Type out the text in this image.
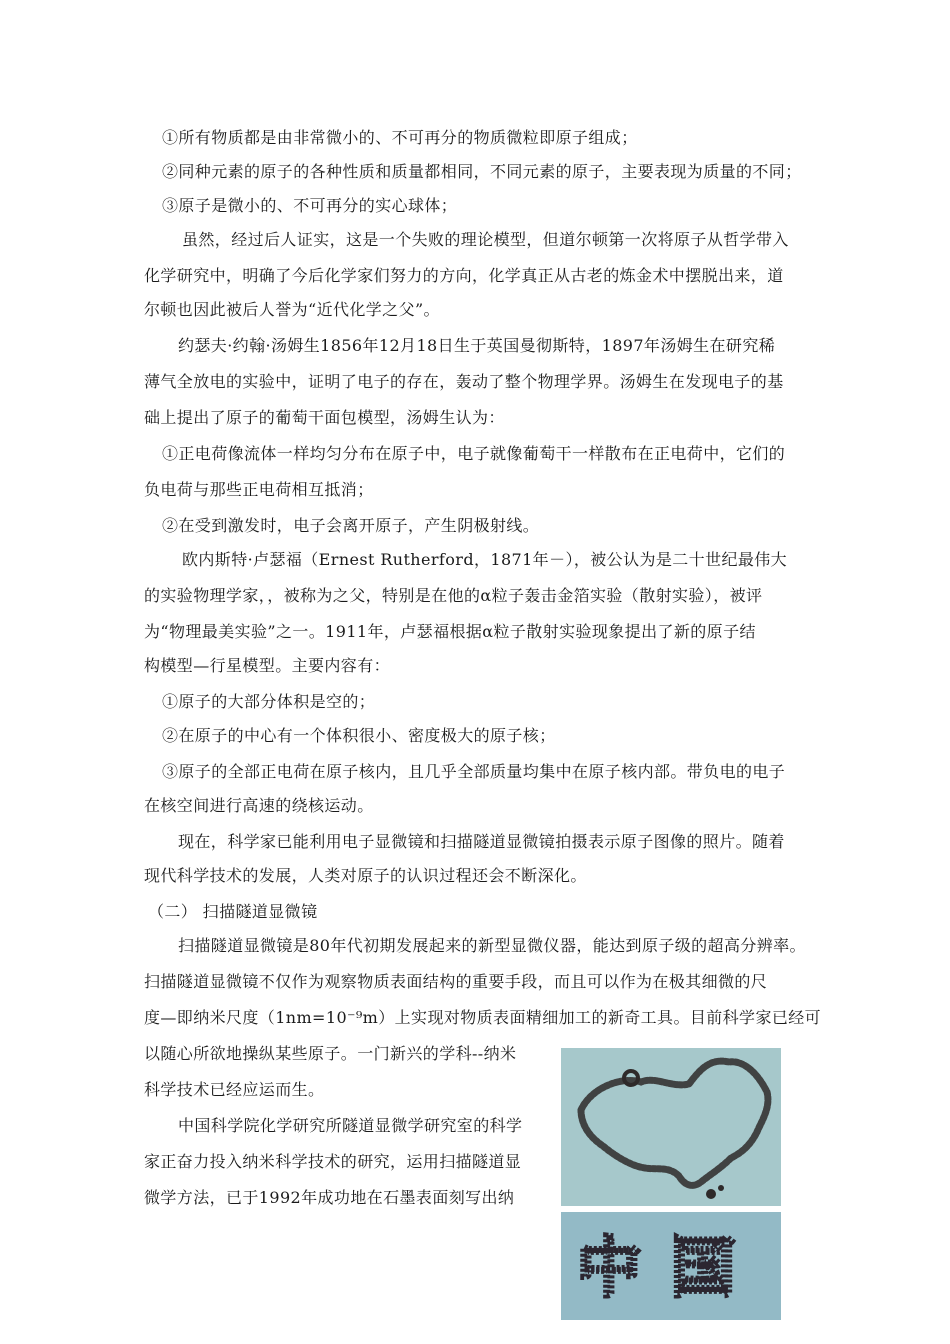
①所有物质都是由非常微小的、不可再分的物质微粒即原子组成；
②同种元素的原子的各种性质和质量都相同，不同元素的原子，主要表现为质量的不同；
③原子是微小的、不可再分的实心球体；
虽然，经过后人证实，这是一个失败的理论模型，但道尔顿第一次将原子从哲学带入
化学研究中，明确了今后化学家们努力的方向，化学真正从古老的炼金术中摆脱出来，道
尔顿也因此被后人誉为“近代化学之父”。
约瑟夫·约翰·汤姆生1856年12月18日生于英国曼彻斯特，1897年汤姆生在研究稀
薄气全放电的实验中，证明了电子的存在，轰动了整个物理学界。汤姆生在发现电子的基
础上提出了原子的葡萄干面包模型，汤姆生认为：
①正电荷像流体一样均匀分布在原子中，电子就像葡萄干一样散布在正电荷中，它们的
负电荷与那些正电荷相互抵消；
②在受到激发时，电子会离开原子，产生阴极射线。
欧内斯特·卢瑟福（Ernest Rutherford，1871年－），被公认为是二十世纪最伟大
的实验物理学家，，被称为之父，特别是在他的α粒子轰击金箔实验（散射实验），被评
为“物理最美实验”之一。1911年，卢瑟福根据α粒子散射实验现象提出了新的原子结
构模型—行星模型。主要内容有：
①原子的大部分体积是空的；
②在原子的中心有一个体积很小、密度极大的原子核；
③原子的全部正电荷在原子核内，且几乎全部质量均集中在原子核内部。带负电的电子
在核空间进行高速的绕核运动。
现在，科学家已能利用电子显微镜和扫描隧道显微镜拍摄表示原子图像的照片。随着
现代科学技术的发展，人类对原子的认识过程还会不断深化。
（二） 扫描隧道显微镜
扫描隧道显微镜是80年代初期发展起来的新型显微仪器，能达到原子级的超高分辨率。
扫描隧道显微镜不仅作为观察物质表面结构的重要手段，而且可以作为在极其细微的尺
度—即纳米尺度（1nm=10⁻⁹m）上实现对物质表面精细加工的新奇工具。目前科学家已经可
以随心所欲地操纵某些原子。一门新兴的学科--纳米
科学技术已经应运而生。
中国科学院化学研究所隧道显微学研究室的科学
家正奋力投入纳米科学技术的研究，运用扫描隧道显
微学方法，已于1992年成功地在石墨表面刻写出纳
中国
